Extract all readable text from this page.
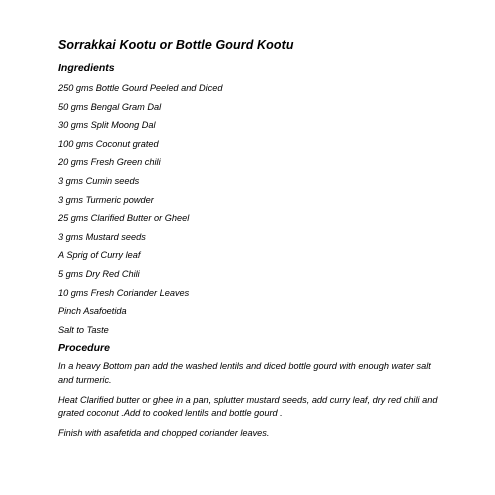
Sorrakkai Kootu or Bottle Gourd Kootu
Ingredients
250 gms Bottle Gourd Peeled and Diced
50 gms Bengal Gram Dal
30 gms Split Moong Dal
100 gms Coconut grated
20 gms Fresh Green chili
3 gms Cumin seeds
3 gms Turmeric powder
25 gms Clarified Butter or Gheel
3 gms Mustard seeds
A Sprig of Curry leaf
5 gms Dry Red Chili
10 gms Fresh Coriander Leaves
Pinch Asafoetida
Salt to Taste
Procedure

In a heavy Bottom pan add the washed lentils and diced bottle gourd with enough water salt and turmeric.

Heat Clarified butter or ghee in a pan, splutter mustard seeds, add curry leaf, dry red chili and grated coconut .Add to cooked lentils and bottle gourd .

Finish with asafetida and chopped coriander leaves.
